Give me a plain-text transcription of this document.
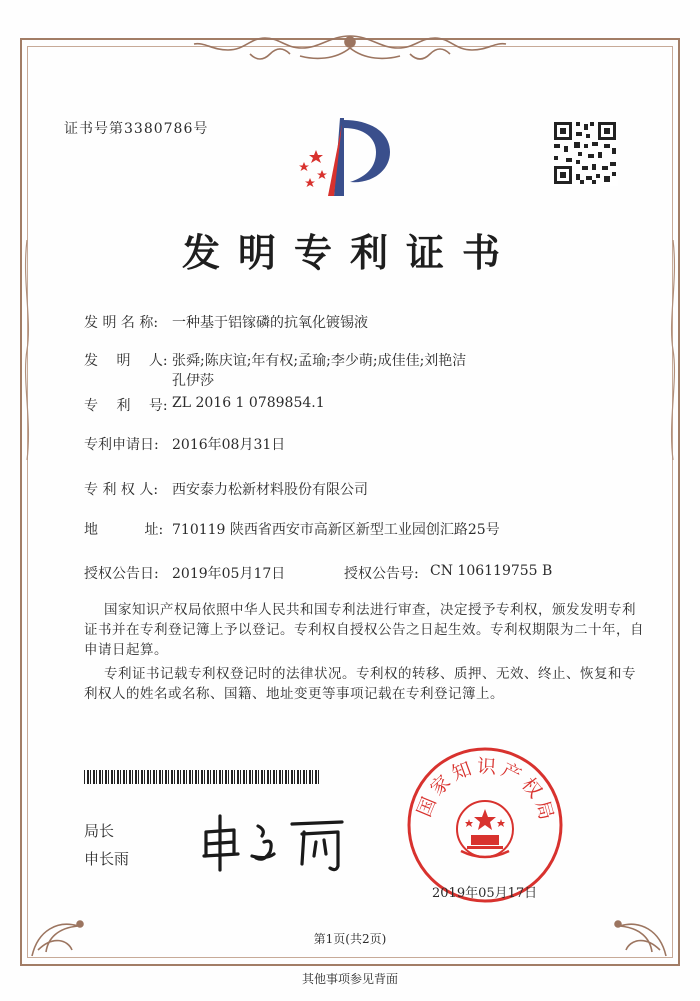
证书号第3380786号
发明专利证书
发 明 名 称: 一种基于铝镓磷的抗氧化镀锡液
发　 明　 人: 张舜;陈庆谊;年有权;孟瑜;李少萌;成佳佳;刘艳洁
孔伊莎
专　 利　 号: ZL 2016 1 0789854.1
专利申请日: 2016年08月31日
专 利 权 人: 西安泰力松新材料股份有限公司
地　　　 址: 710119 陕西省西安市高新区新型工业园创汇路25号
授权公告日: 2019年05月17日	授权公告号: CN 106119755 B
国家知识产权局依照中华人民共和国专利法进行审查，决定授予专利权，颁发发明专利
证书并在专利登记簿上予以登记。专利权自授权公告之日起生效。专利权期限为二十年，自
申请日起算。
专利证书记载专利权登记时的法律状况。专利权的转移、质押、无效、终止、恢复和专
利权人的姓名或名称、国籍、地址变更等事项记载在专利登记簿上。
局长
申长雨
国家知识产权局
2019年05月17日
第1页(共2页)
其他事项参见背面
